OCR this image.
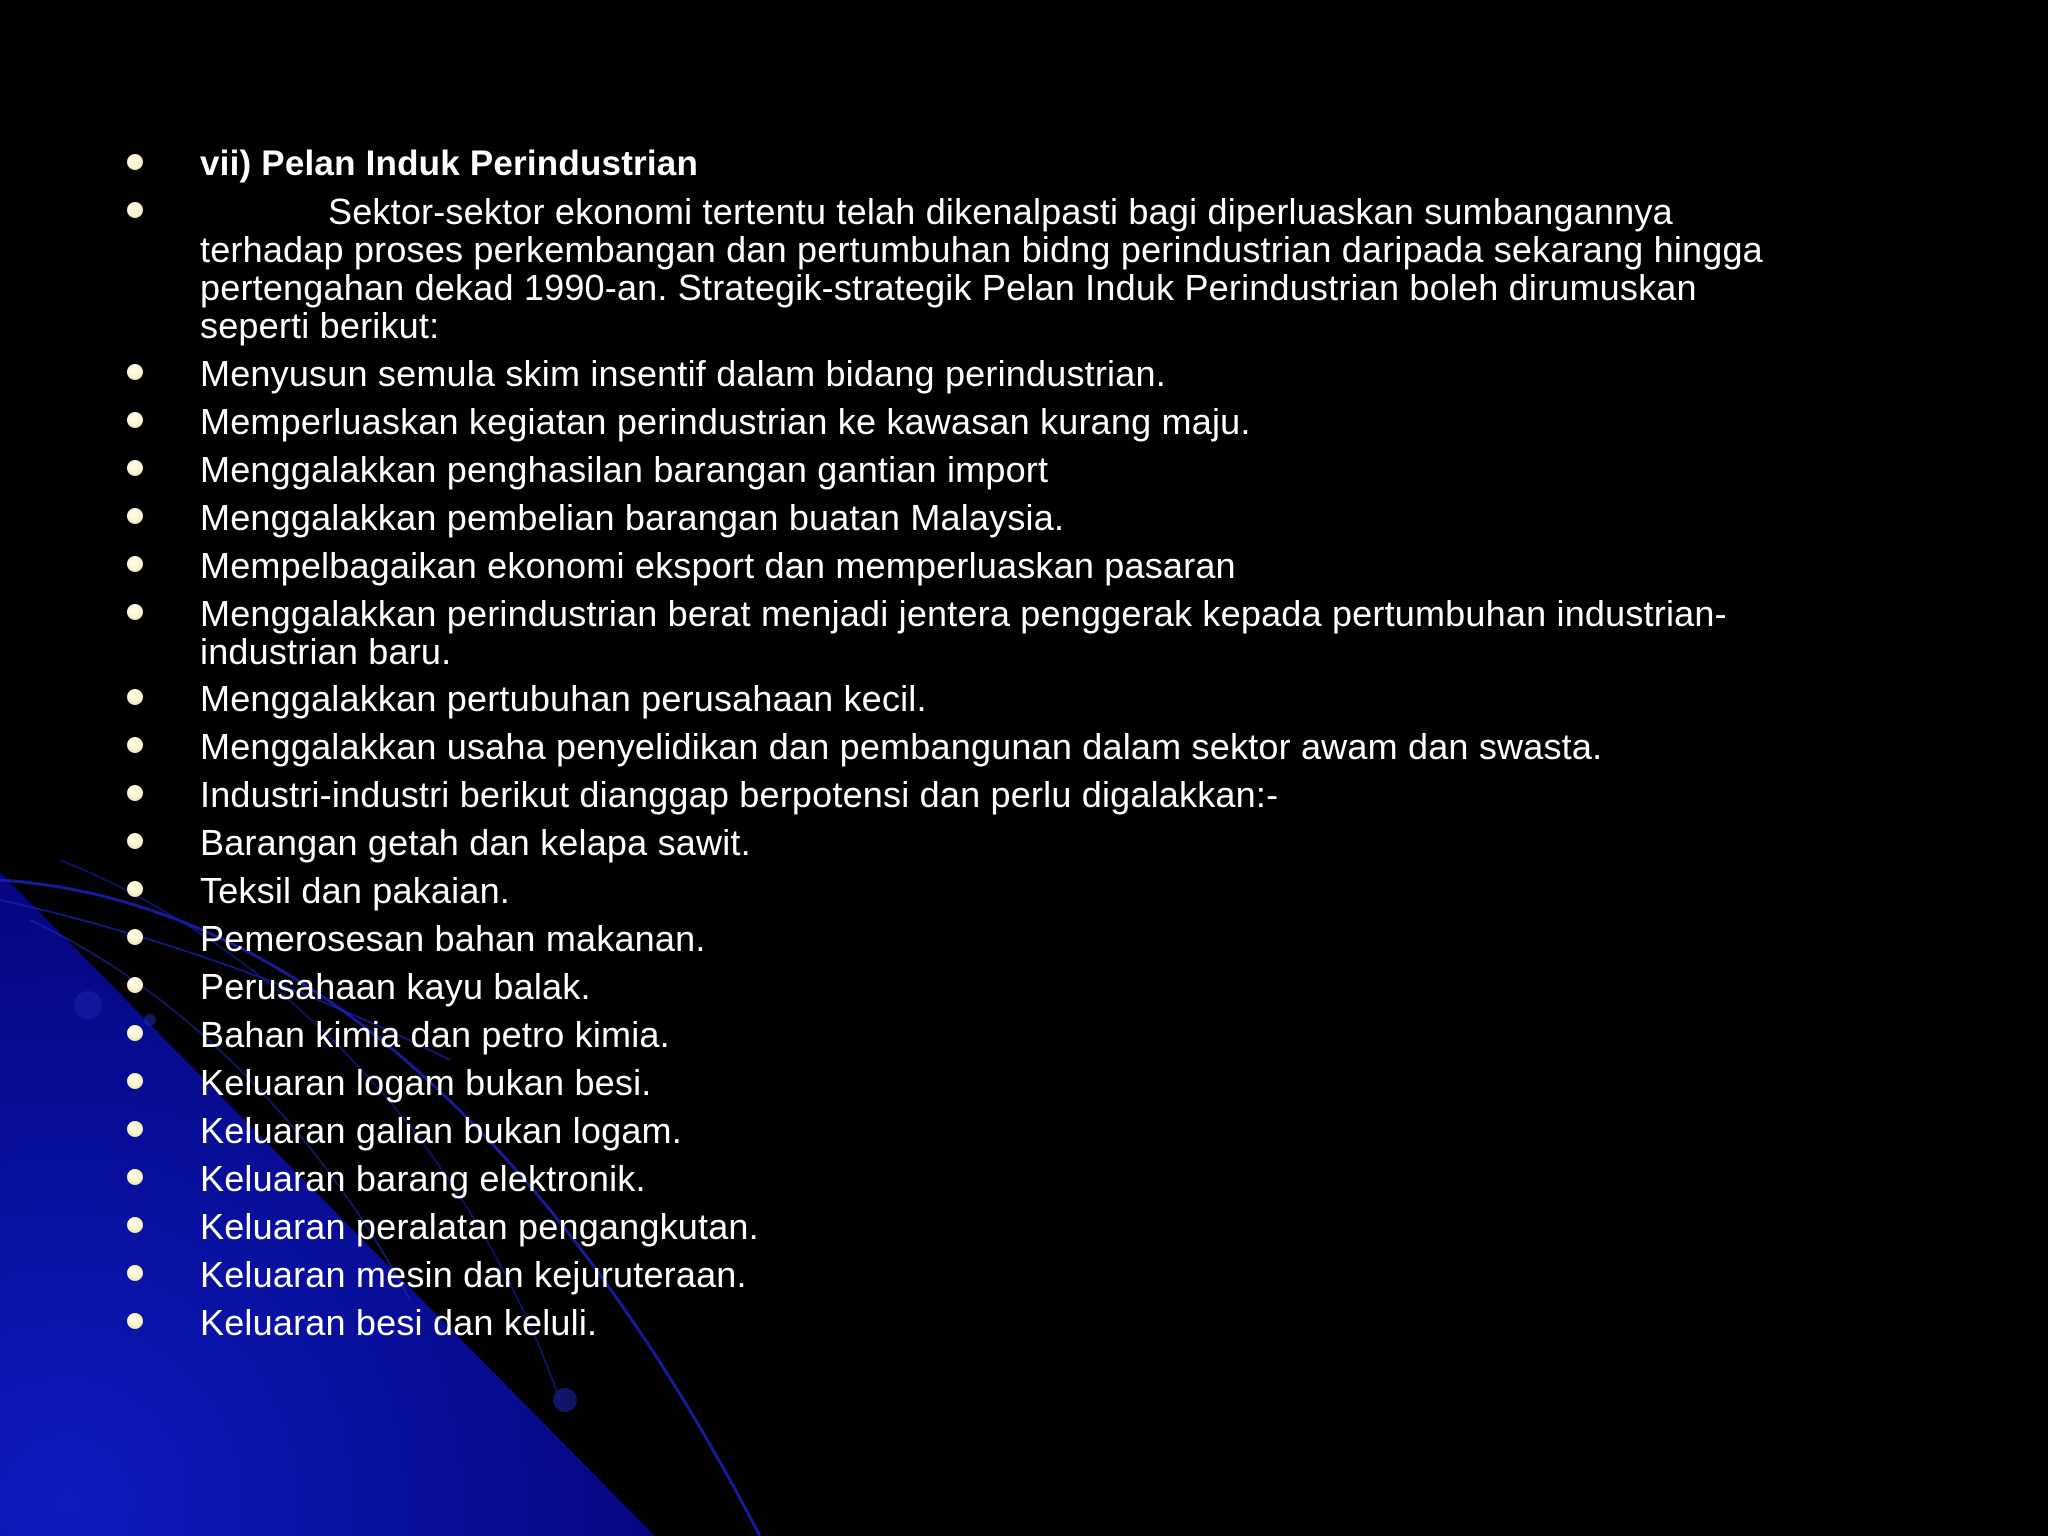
vii) Pelan Induk Perindustrian
Sektor-sektor ekonomi tertentu telah dikenalpasti bagi diperluaskan sumbangannya
terhadap proses perkembangan dan pertumbuhan bidng perindustrian daripada sekarang hingga
pertengahan dekad 1990-an. Strategik-strategik Pelan Induk Perindustrian boleh dirumuskan
seperti berikut:
Menyusun semula skim insentif dalam bidang perindustrian.
Memperluaskan kegiatan perindustrian ke kawasan kurang maju.
Menggalakkan penghasilan barangan gantian import
Menggalakkan pembelian barangan buatan Malaysia.
Mempelbagaikan ekonomi eksport dan memperluaskan pasaran
Menggalakkan perindustrian berat menjadi jentera penggerak kepada pertumbuhan industrian-
industrian baru.
Menggalakkan pertubuhan perusahaan kecil.
Menggalakkan usaha penyelidikan dan pembangunan dalam sektor awam dan swasta.
Industri-industri berikut dianggap berpotensi dan perlu digalakkan:-
Barangan getah dan kelapa sawit.
Teksil dan pakaian.
Pemerosesan bahan makanan.
Perusahaan kayu balak.
Bahan kimia dan petro kimia.
Keluaran logam bukan besi.
Keluaran galian bukan logam.
Keluaran barang elektronik.
Keluaran peralatan pengangkutan.
Keluaran mesin dan kejuruteraan.
Keluaran besi dan keluli.
